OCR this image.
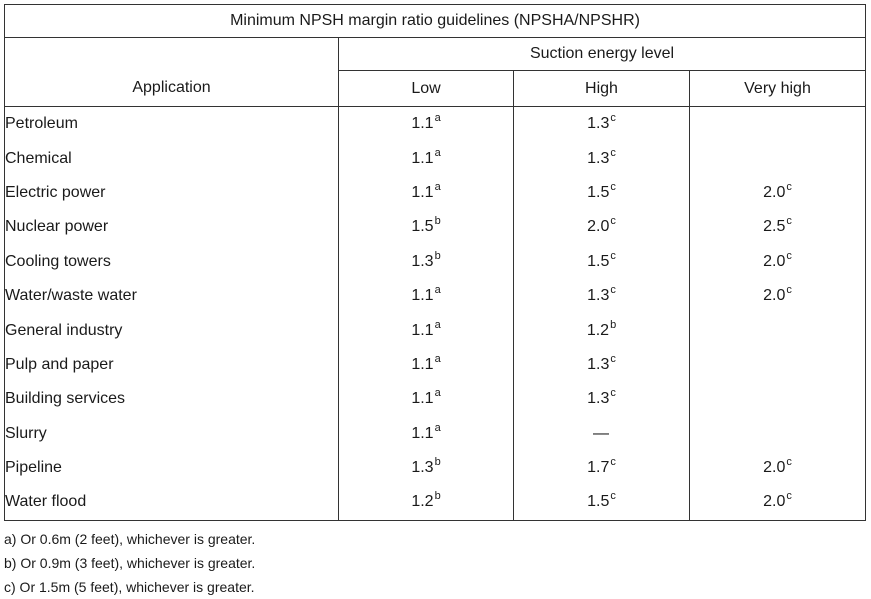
Minimum NPSH margin ratio guidelines (NPSHA/NPSHR)			
	Suction energy level		
Application	Low	High	Very high
Petroleum	1.1$^a$	1.3$^c$	
Chemical	1.1$^a$	1.3$^c$	
Electric power	1.1$^a$	1.5$^c$	2.0$^c$
Nuclear power	1.5$^b$	2.0$^c$	2.5$^c$
Cooling towers	1.3$^b$	1.5$^c$	2.0$^c$
Water/waste water	1.1$^a$	1.3$^c$	2.0$^c$
General industry	1.1$^a$	1.2$^b$	
Pulp and paper	1.1$^a$	1.3$^c$	
Building services	1.1$^a$	1.3$^c$	
Slurry	1.1$^a$	—	
Pipeline	1.3$^b$	1.7$^c$	2.0$^c$
Water flood	1.2$^b$	1.5$^c$	2.0$^c$
a) Or 0.6m (2 feet), whichever is greater.
b) Or 0.9m (3 feet), whichever is greater.
c) Or 1.5m (5 feet), whichever is greater.
